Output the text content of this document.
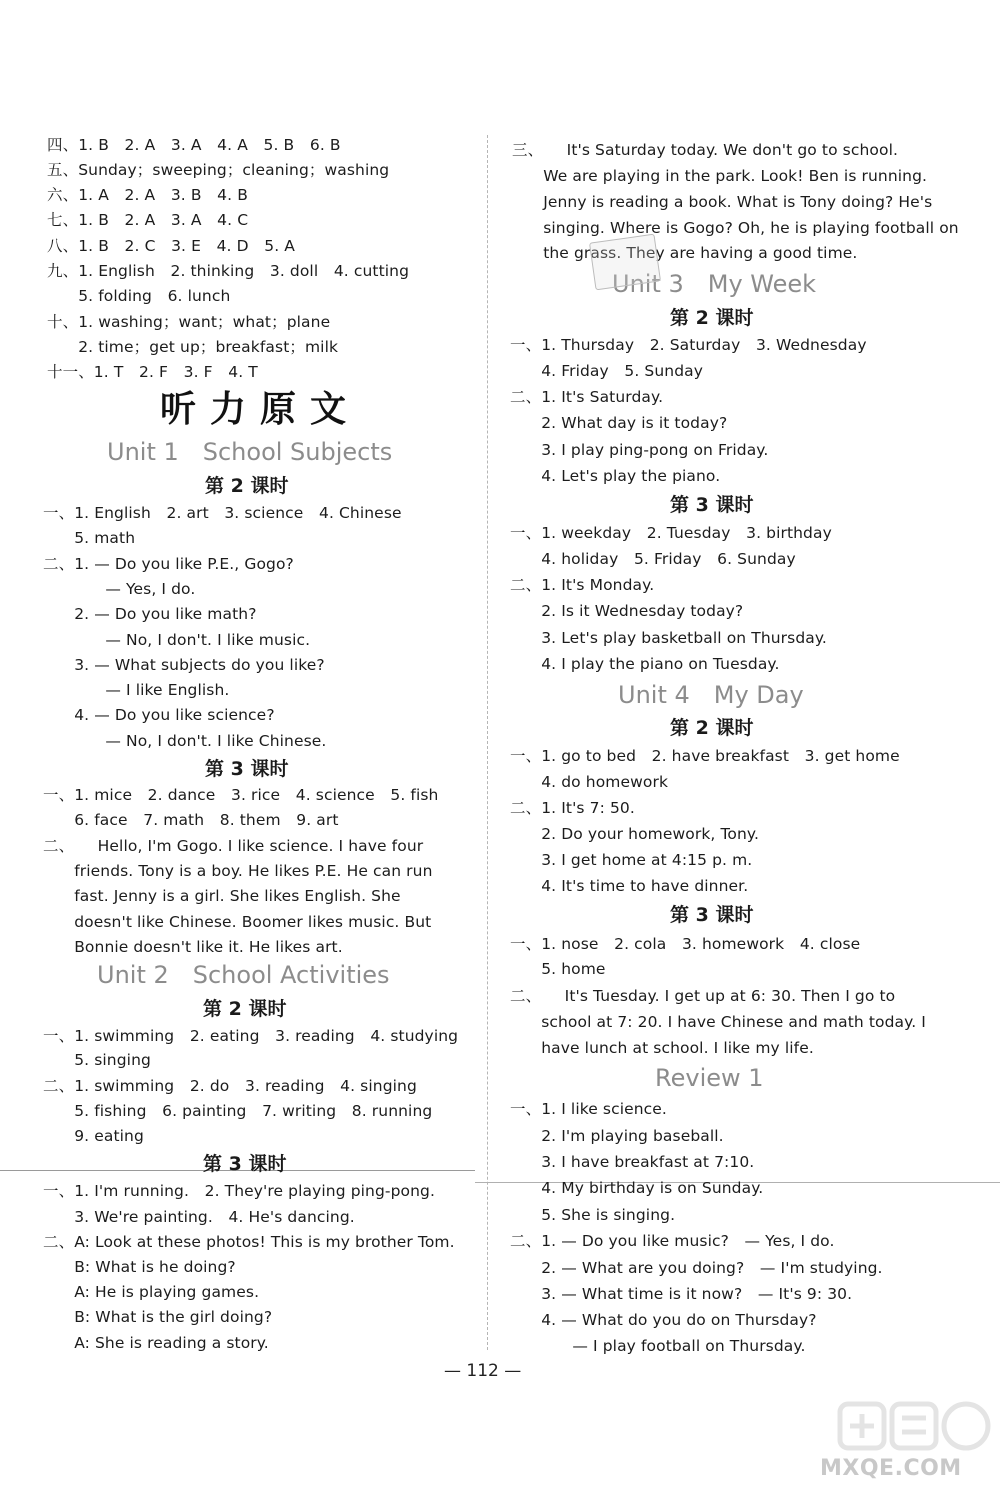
四、1. B　2. A　3. A　4. A　5. B　6. B
五、Sunday；sweeping；cleaning；washing
六、1. A　2. A　3. B　4. B
七、1. B　2. A　3. A　4. C
八、1. B　2. C　3. E　4. D　5. A
九、1. English　2. thinking　3. doll　4. cutting
　　5. folding　6. lunch
十、1. washing；want；what；plane
　　2. time；get up；breakfast；milk
十一、1. T　2. F　3. F　4. T
听力原文
Unit 1　School Subjects
第 2 课时
一、1. English　2. art　3. science　4. Chinese
　　5. math
二、1. — Do you like P.E., Gogo?
　　　　— Yes, I do.
　　2. — Do you like math?
　　　　— No, I don't. I like music.
　　3. — What subjects do you like?
　　　　— I like English.
　　4. — Do you like science?
　　　　— No, I don't. I like Chinese.
第 3 课时
一、1. mice　2. dance　3. rice　4. science　5. fish
　　6. face　7. math　8. them　9. art
二、　　Hello, I'm Gogo. I like science. I have four
　　friends. Tony is a boy. He likes P.E. He can run
　　fast. Jenny is a girl. She likes English. She
　　doesn't like Chinese. Boomer likes music. But
　　Bonnie doesn't like it. He likes art.
Unit 2　School Activities
第 2 课时
一、1. swimming　2. eating　3. reading　4. studying
　　5. singing
二、1. swimming　2. do　3. reading　4. singing
　　5. fishing　6. painting　7. writing　8. running
　　9. eating
第 3 课时
一、1. I'm running.　2. They're playing ping-pong.
　　3. We're painting.　4. He's dancing.
二、A: Look at these photos! This is my brother Tom.
　　B: What is he doing?
　　A: He is playing games.
　　B: What is the girl doing?
　　A: She is reading a story.
三、　　It's Saturday today. We don't go to school.
　　We are playing in the park. Look! Ben is running.
　　Jenny is reading a book. What is Tony doing? He's
　　singing. Where is Gogo? Oh, he is playing football on
　　the grass. They are having a good time.
Unit 3　My Week
第 2 课时
一、1. Thursday　2. Saturday　3. Wednesday
　　4. Friday　5. Sunday
二、1. It's Saturday.
　　2. What day is it today?
　　3. I play ping-pong on Friday.
　　4. Let's play the piano.
第 3 课时
一、1. weekday　2. Tuesday　3. birthday
　　4. holiday　5. Friday　6. Sunday
二、1. It's Monday.
　　2. Is it Wednesday today?
　　3. Let's play basketball on Thursday.
　　4. I play the piano on Tuesday.
Unit 4　My Day
第 2 课时
一、1. go to bed　2. have breakfast　3. get home
　　4. do homework
二、1. It's 7: 50.
　　2. Do your homework, Tony.
　　3. I get home at 4:15 p. m.
　　4. It's time to have dinner.
第 3 课时
一、1. nose　2. cola　3. homework　4. close
　　5. home
二、　　It's Tuesday. I get up at 6: 30. Then I go to
　　school at 7: 20. I have Chinese and math today. I
　　have lunch at school. I like my life.
Review 1
一、1. I like science.
　　2. I'm playing baseball.
　　3. I have breakfast at 7:10.
　　4. My birthday is on Sunday.
　　5. She is singing.
二、1. — Do you like music?　— Yes, I do.
　　2. — What are you doing?　— I'm studying.
　　3. — What time is it now?　— It's 9: 30.
　　4. — What do you do on Thursday?
　　　　— I play football on Thursday.
— 112 —
MXQE.COM
